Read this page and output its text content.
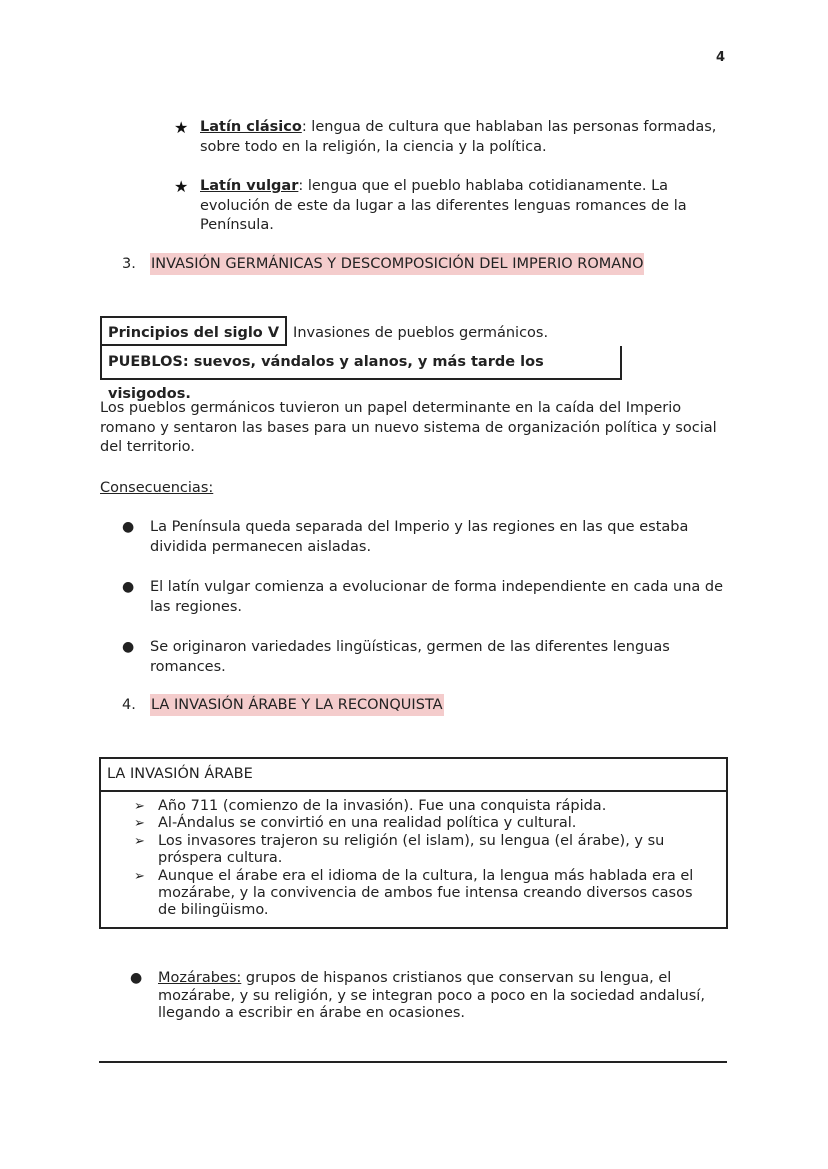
4
★ Latín clásico: lengua de cultura que hablaban las personas formadas, sobre todo en la religión, la ciencia y la política.
★ Latín vulgar: lengua que el pueblo hablaba cotidianamente. La evolución de este da lugar a las diferentes lenguas romances de la Península.
3.	INVASIÓN GERMÁNICAS Y DESCOMPOSICIÓN DEL IMPERIO ROMANO
Principios del siglo V Invasiones de pueblos germánicos.
PUEBLOS: suevos, vándalos y alanos, y más tarde los visigodos.
Los pueblos germánicos tuvieron un papel determinante en la caída del Imperio romano y sentaron las bases para un nuevo sistema de organización política y social del territorio.
Consecuencias:
●	La Península queda separada del Imperio y las regiones en las que estaba dividida permanecen aisladas.
●	El latín vulgar comienza a evolucionar de forma independiente en cada una de las regiones.
●	Se originaron variedades lingüísticas, germen de las diferentes lenguas romances.
4.	LA INVASIÓN ÁRABE Y LA RECONQUISTA
LA INVASIÓN ÁRABE
➢ Año 711 (comienzo de la invasión). Fue una conquista rápida.
➢ Al-Ándalus se convirtió en una realidad política y cultural.
➢ Los invasores trajeron su religión (el islam), su lengua (el árabe), y su próspera cultura.
➢ Aunque el árabe era el idioma de la cultura, la lengua más hablada era el mozárabe, y la convivencia de ambos fue intensa creando diversos casos de bilingüismo.
●	Mozárabes: grupos de hispanos cristianos que conservan su lengua, el mozárabe, y su religión, y se integran poco a poco en la sociedad andalusí, llegando a escribir en árabe en ocasiones.
